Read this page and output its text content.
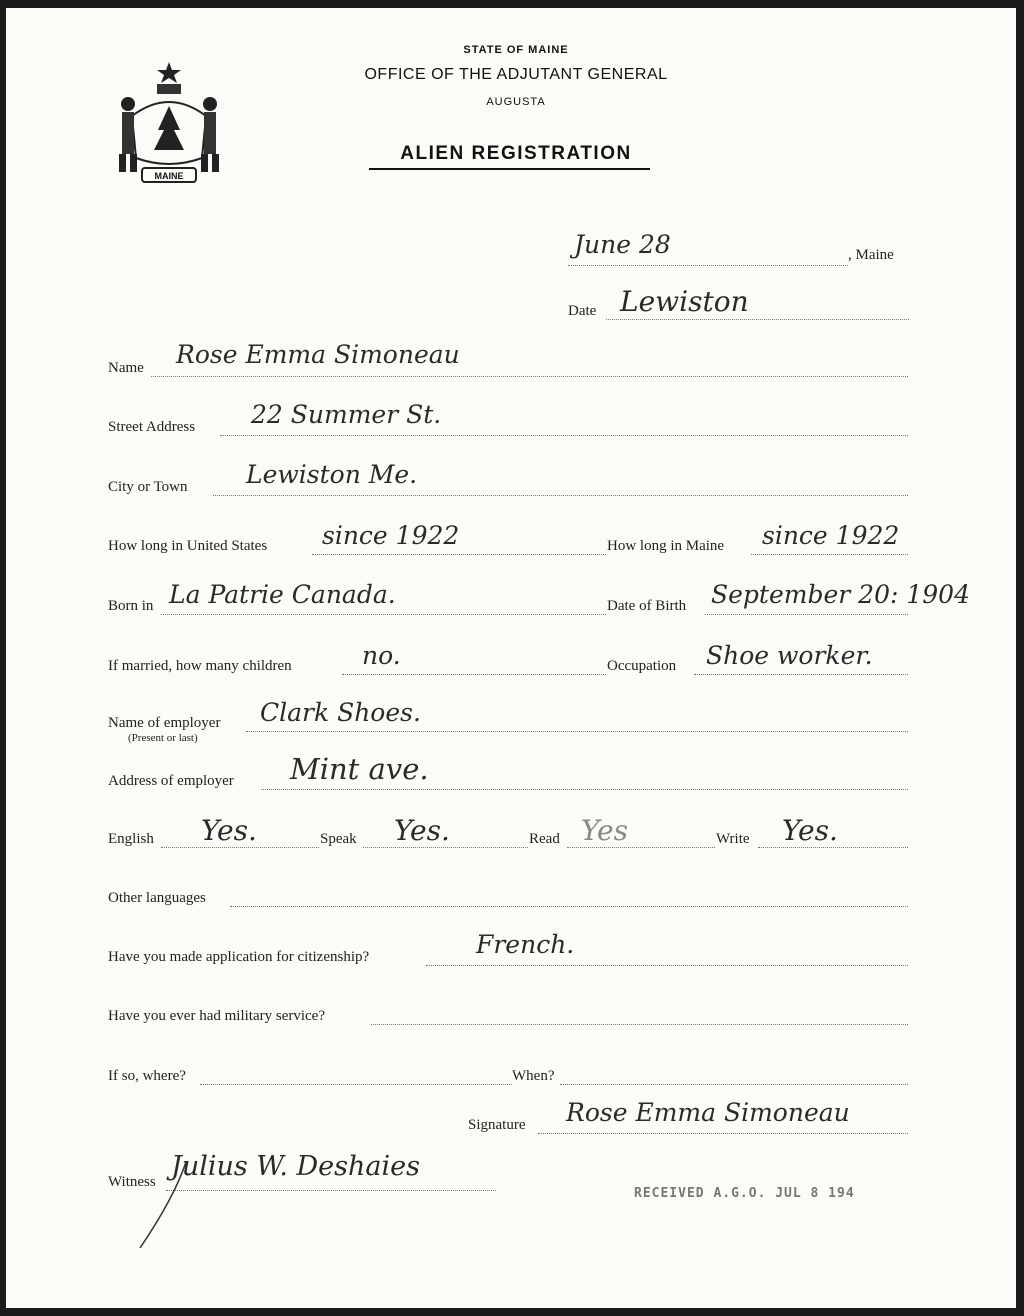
MAINE
STATE OF MAINE
OFFICE OF THE ADJUTANT GENERAL
AUGUSTA
ALIEN REGISTRATION
June 28	, Maine
Date Lewiston
Name Rose Emma Simoneau
Street Address 22 Summer St.
City or Town Lewiston Me.
How long in United States since 1922	How long in Maine since 1922
Born in La Patrie Canada.	Date of Birth September 20: 1904
If married, how many children	no.	Occupation Shoe worker.
Name of employer
(Present or last)
Clark Shoes.
Address of employer Mint ave.
English Yes.	Speak Yes.	Read Yes	Write Yes.
Other languages
Have you made application for citizenship?	French.
Have you ever had military service?
If so, where?	When?
Signature Rose Emma Simoneau
Witness Julius W. Deshaies
RECEIVED A.G.O. JUL 8 194
